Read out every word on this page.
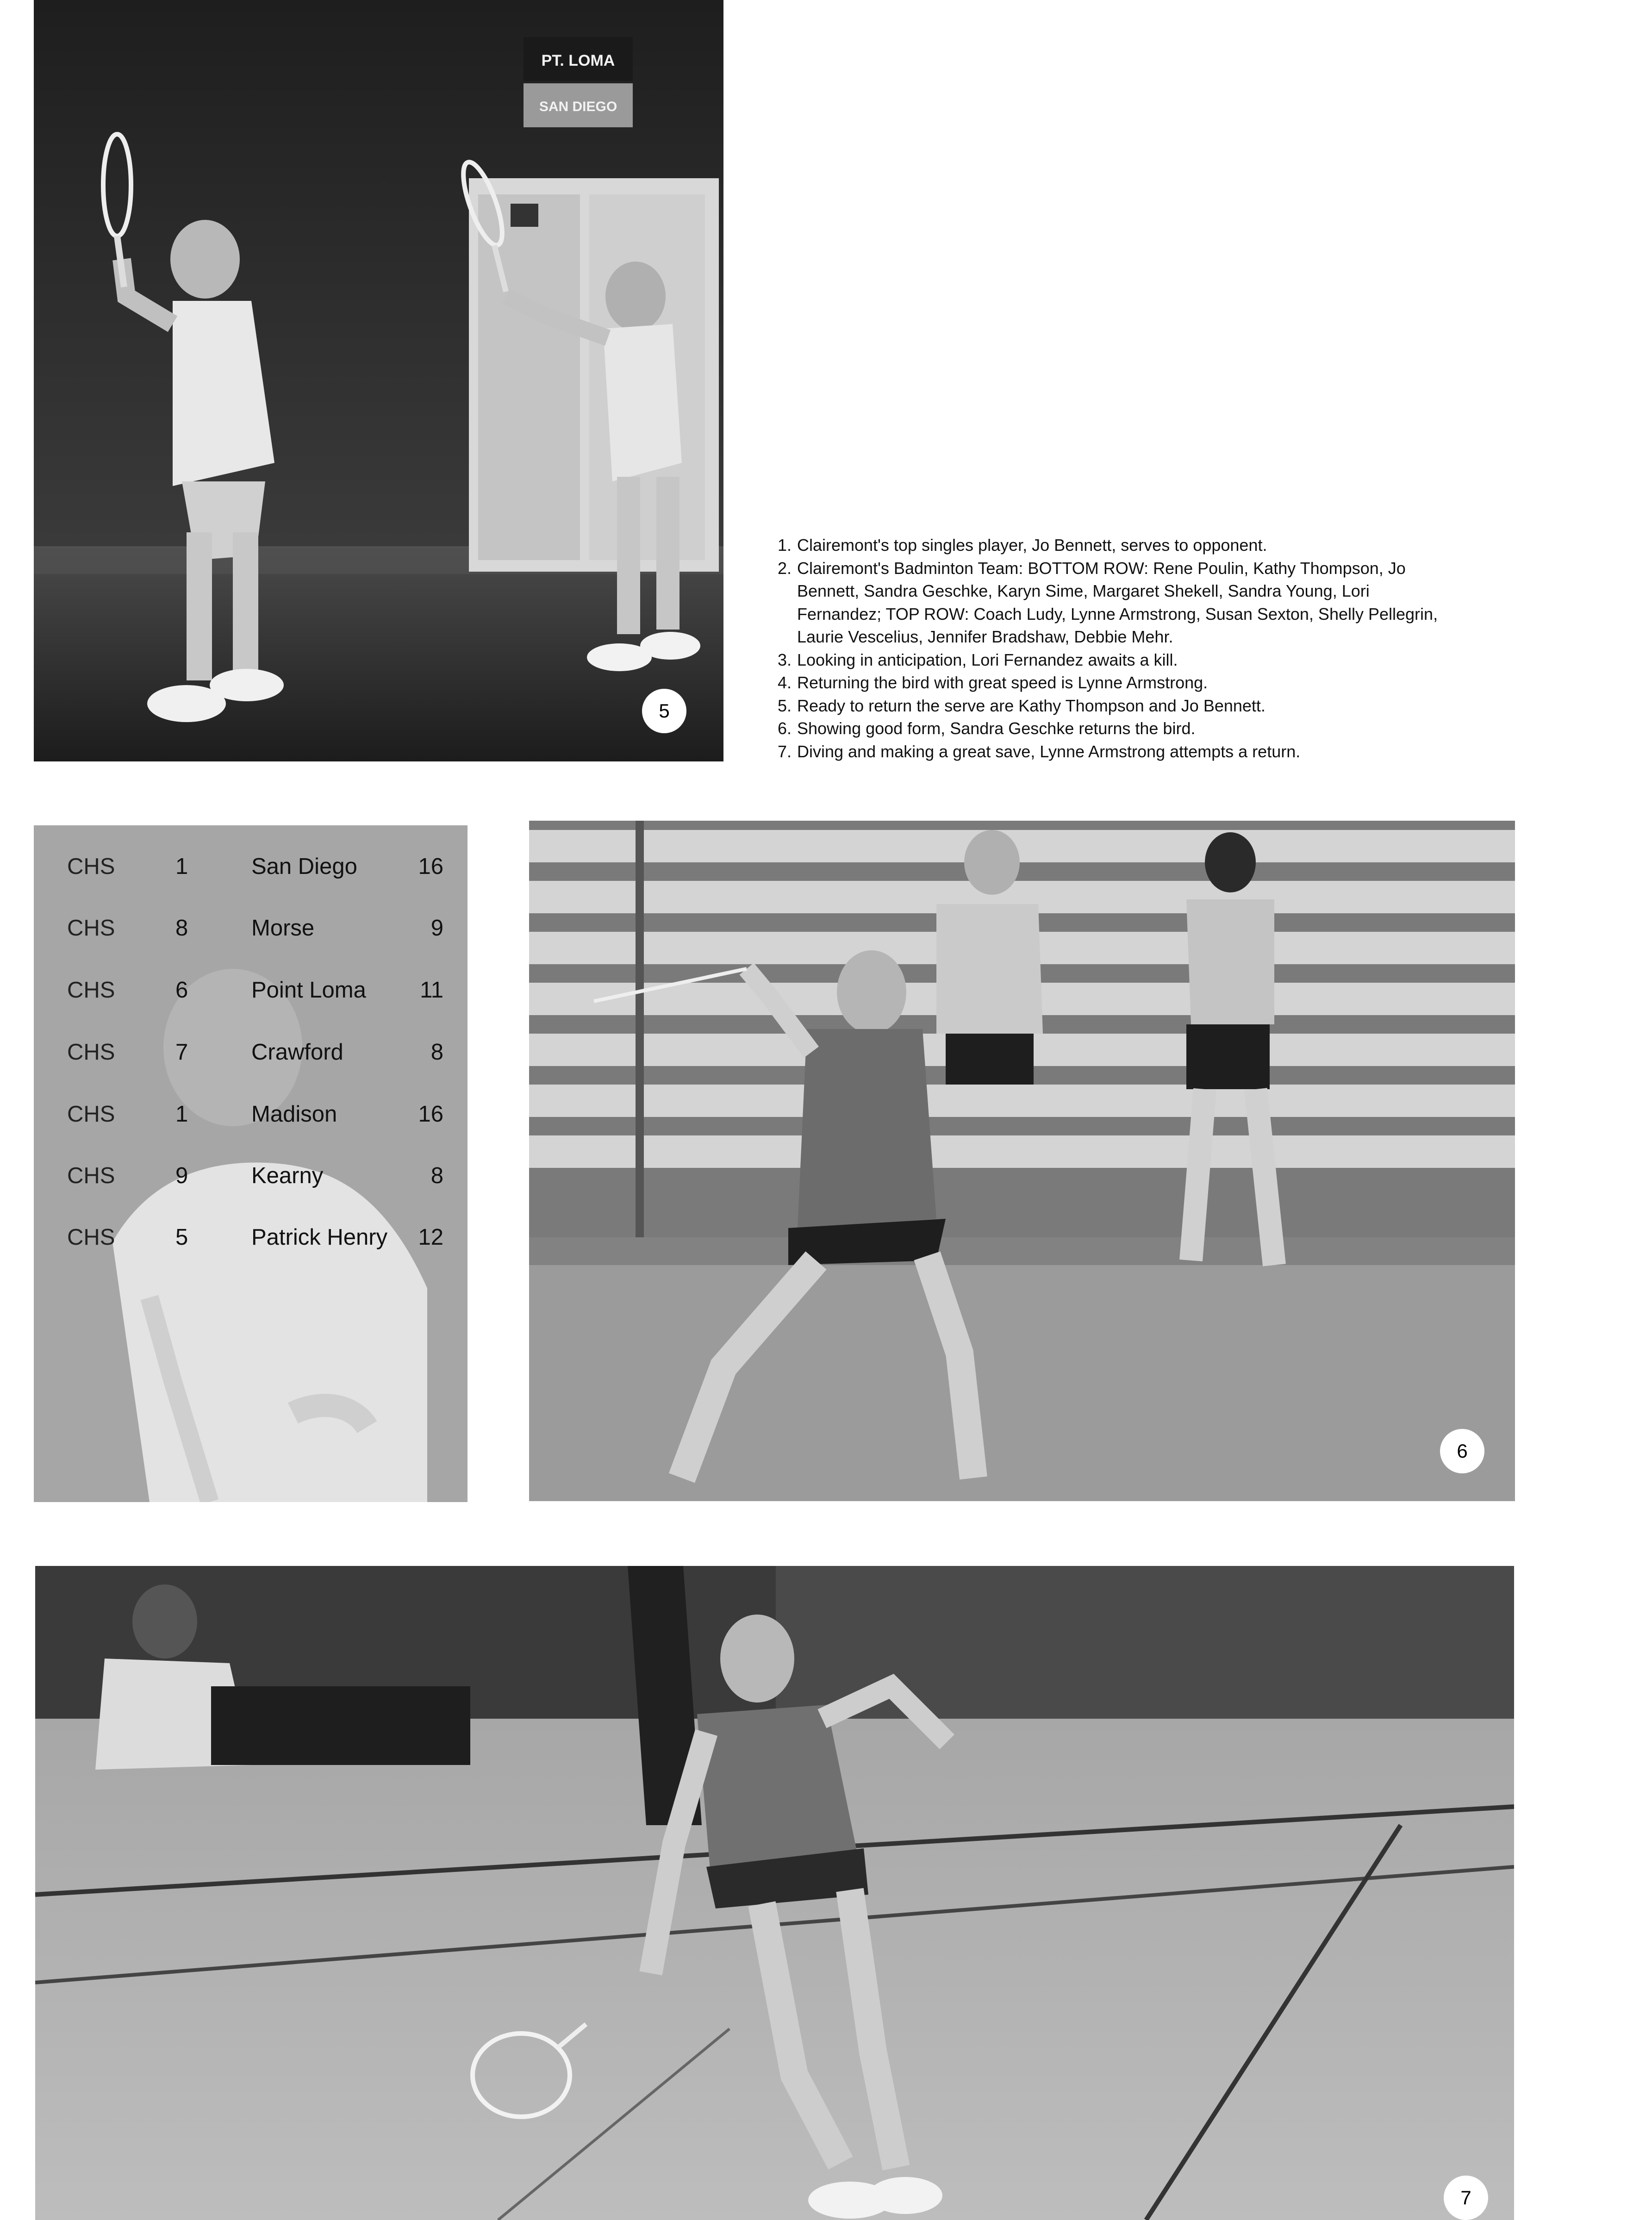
PT. LOMA
SAN DIEGO
5
1. Clairemont's top singles player, Jo Bennett, serves to opponent.
2. Clairemont's Badminton Team: BOTTOM ROW: Rene Poulin, Kathy Thompson, Jo Bennett, Sandra Geschke, Karyn Sime, Margaret Shekell, Sandra Young, Lori Fernandez; TOP ROW: Coach Ludy, Lynne Armstrong, Susan Sexton, Shelly Pellegrin, Laurie Vescelius, Jennifer Bradshaw, Debbie Mehr.
3. Looking in anticipation, Lori Fernandez awaits a kill.
4. Returning the bird with great speed is Lynne Armstrong.
5. Ready to return the serve are Kathy Thompson and Jo Bennett.
6. Showing good form, Sandra Geschke returns the bird.
7. Diving and making a great save, Lynne Armstrong attempts a return.
CHS	1	San Diego	16
CHS	8	Morse	9
CHS	6	Point Loma 11
CHS	7	Crawford	8
CHS	1	Madison	16
CHS	9	Kearny	8
CHS	5	Patrick Henry 12
6
7
